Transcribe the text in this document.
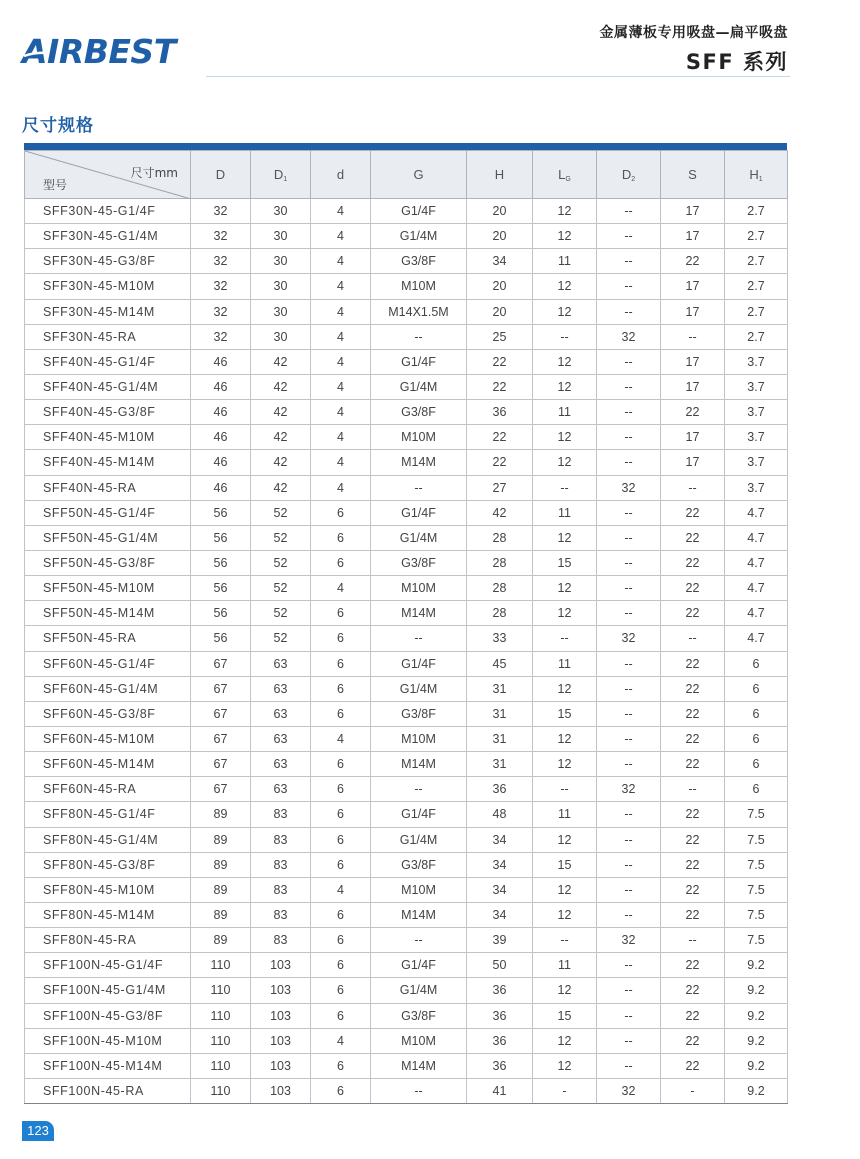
AIRBEST	金属薄板专用吸盘—扁平吸盘
SFF 系列
尺寸规格
尺寸mm
型号	D	$D_1$	d	G	H	$L_G$	$D_2$	S	$H_1$
SFF30N-45-G1/4F	32	30	4	G1/4F	20	12	--	17	2.7
SFF30N-45-G1/4M	32	30	4	G1/4M	20	12	--	17	2.7
SFF30N-45-G3/8F	32	30	4	G3/8F	34	11	--	22	2.7
SFF30N-45-M10M	32	30	4	M10M	20	12	--	17	2.7
SFF30N-45-M14M	32	30	4	M14X1.5M	20	12	--	17	2.7
SFF30N-45-RA	32	30	4	--	25	--	32	--	2.7
SFF40N-45-G1/4F	46	42	4	G1/4F	22	12	--	17	3.7
SFF40N-45-G1/4M	46	42	4	G1/4M	22	12	--	17	3.7
SFF40N-45-G3/8F	46	42	4	G3/8F	36	11	--	22	3.7
SFF40N-45-M10M	46	42	4	M10M	22	12	--	17	3.7
SFF40N-45-M14M	46	42	4	M14M	22	12	--	17	3.7
SFF40N-45-RA	46	42	4	--	27	--	32	--	3.7
SFF50N-45-G1/4F	56	52	6	G1/4F	42	11	--	22	4.7
SFF50N-45-G1/4M	56	52	6	G1/4M	28	12	--	22	4.7
SFF50N-45-G3/8F	56	52	6	G3/8F	28	15	--	22	4.7
SFF50N-45-M10M	56	52	4	M10M	28	12	--	22	4.7
SFF50N-45-M14M	56	52	6	M14M	28	12	--	22	4.7
SFF50N-45-RA	56	52	6	--	33	--	32	--	4.7
SFF60N-45-G1/4F	67	63	6	G1/4F	45	11	--	22	6
SFF60N-45-G1/4M	67	63	6	G1/4M	31	12	--	22	6
SFF60N-45-G3/8F	67	63	6	G3/8F	31	15	--	22	6
SFF60N-45-M10M	67	63	4	M10M	31	12	--	22	6
SFF60N-45-M14M	67	63	6	M14M	31	12	--	22	6
SFF60N-45-RA	67	63	6	--	36	--	32	--	6
SFF80N-45-G1/4F	89	83	6	G1/4F	48	11	--	22	7.5
SFF80N-45-G1/4M	89	83	6	G1/4M	34	12	--	22	7.5
SFF80N-45-G3/8F	89	83	6	G3/8F	34	15	--	22	7.5
SFF80N-45-M10M	89	83	4	M10M	34	12	--	22	7.5
SFF80N-45-M14M	89	83	6	M14M	34	12	--	22	7.5
SFF80N-45-RA	89	83	6	--	39	--	32	--	7.5
SFF100N-45-G1/4F	110	103	6	G1/4F	50	11	--	22	9.2
SFF100N-45-G1/4M	110	103	6	G1/4M	36	12	--	22	9.2
SFF100N-45-G3/8F	110	103	6	G3/8F	36	15	--	22	9.2
SFF100N-45-M10M	110	103	4	M10M	36	12	--	22	9.2
SFF100N-45-M14M	110	103	6	M14M	36	12	--	22	9.2
SFF100N-45-RA	110	103	6	--	41	-	32	-	9.2
123
